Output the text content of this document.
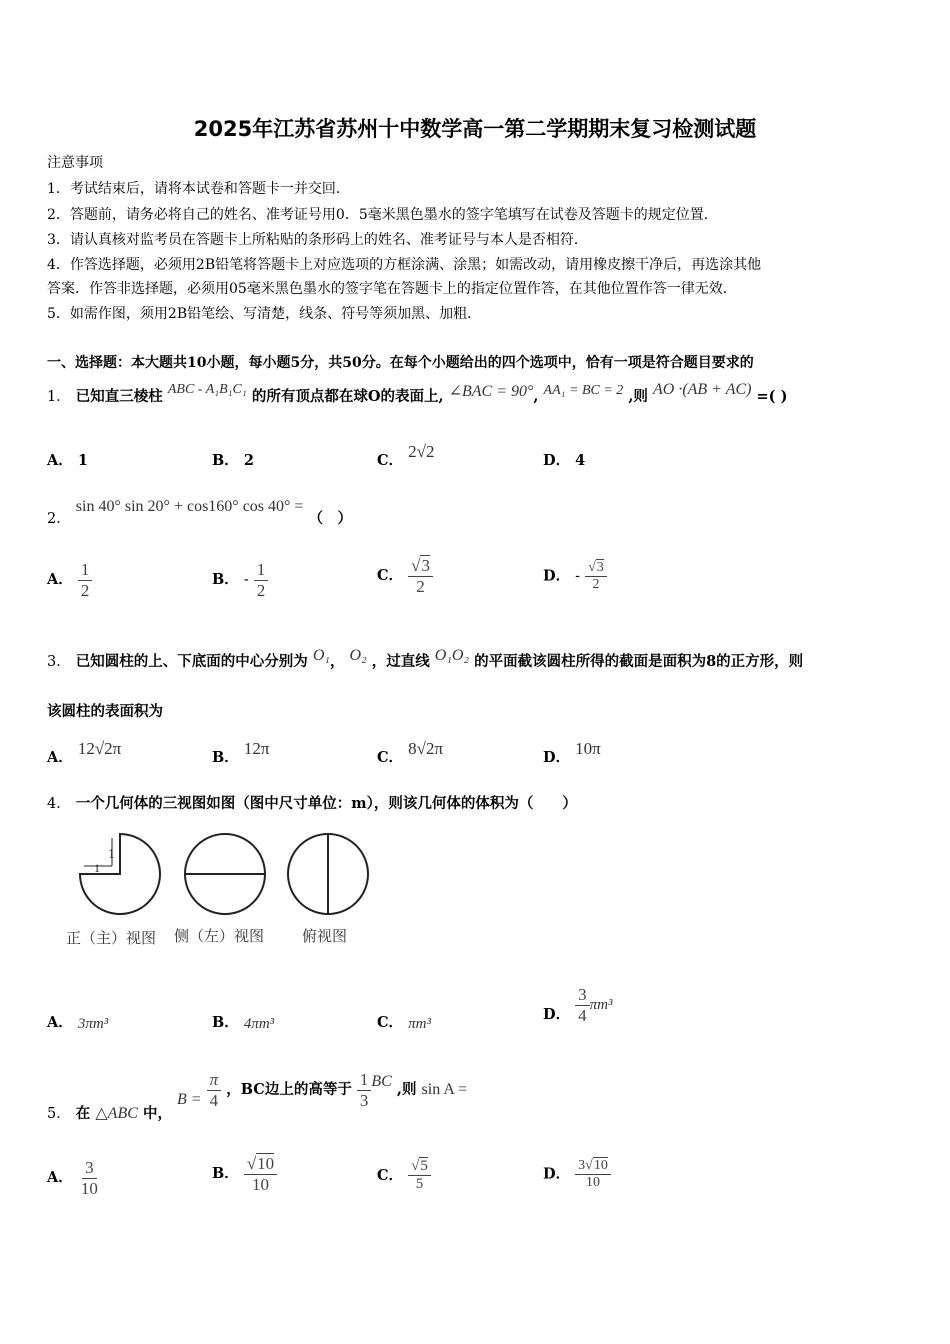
2025年江苏省苏州十中数学高一第二学期期末复习检测试题
注意事项
1．考试结束后，请将本试卷和答题卡一并交回．
2．答题前，请务必将自己的姓名、准考证号用0．5毫米黑色墨水的签字笔填写在试卷及答题卡的规定位置．
3．请认真核对监考员在答题卡上所粘贴的条形码上的姓名、准考证号与本人是否相符．
4．作答选择题，必须用2B铅笔将答题卡上对应选项的方框涂满、涂黑；如需改动，请用橡皮擦干净后，再选涂其他
答案．作答非选择题，必须用05毫米黑色墨水的签字笔在答题卡上的指定位置作答，在其他位置作答一律无效．
5．如需作图，须用2B铅笔绘、写清楚，线条、符号等须加黑、加粗．
一、选择题：本大题共10小题，每小题5分，共50分。在每个小题给出的四个选项中，恰有一项是符合题目要求的
1． 已知直三棱柱 ABC - A₁B₁C₁ 的所有顶点都在球O的表面上, ∠BAC = 90°, AA₁ = BC = 2 ,则 AO ·(AB + AC) =( )
A． 1	B． 2	C． 2√2	D． 4
2． sin 40° sin 20° + cos160° cos 40° = （　）
A． $\frac{1}{2}$	B． - $\frac{1}{2}$	C． $\frac{√3}{2}$	D． - $\frac{√3}{2}$
3． 已知圆柱的上、下底面的中心分别为 O₁， O₂ ，过直线 O₁O₂ 的平面截该圆柱所得的截面是面积为8的正方形，则
该圆柱的表面积为
A． 12√2π	B． 12π	C． 8√2π	D． 10π
4． 一个几何体的三视图如图（图中尺寸单位：m），则该几何体的体积为（　　）
1
1
正（主）视图 侧（左）视图	俯视图
A． 3πm³	B． 4πm³	C． πm³
D． $\frac{3}{4} \pi m^3$
5． 在 △ABC 中， $B = \frac{\pi}{4}$ ，BC边上的高等于 $\frac{1}{3}$ BC ,则 sin A =
A． $\frac{3}{10}$	B． $\frac{√10}{10}$	C． $\frac{√5}{5}$	D． $\frac{3√10}{10}$
